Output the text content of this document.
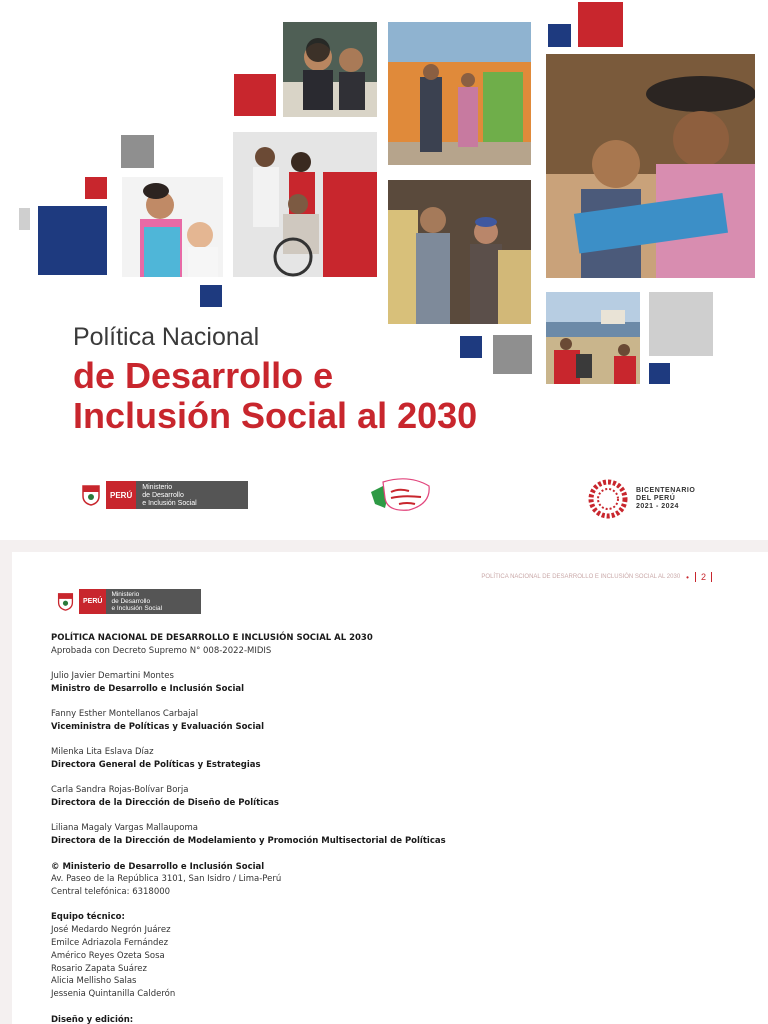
Política Nacional
de Desarrollo e
Inclusión Social al 2030
PERÚ
Ministerio
de Desarrollo
e Inclusión Social
BICENTENARIO
DEL PERÚ
2021 - 2024
POLÍTICA NACIONAL DE DESARROLLO E INCLUSIÓN SOCIAL AL 2030 •	2
PERÚ
Ministerio
de Desarrollo
e Inclusión Social
POLÍTICA NACIONAL DE DESARROLLO E INCLUSIÓN SOCIAL AL 2030
Aprobada con Decreto Supremo N° 008-2022-MIDIS
Julio Javier Demartini Montes
Ministro de Desarrollo e Inclusión Social
Fanny Esther Montellanos Carbajal
Viceministra de Políticas y Evaluación Social
Milenka Lita Eslava Díaz
Directora General de Políticas y Estrategias
Carla Sandra Rojas-Bolívar Borja
Directora de la Dirección de Diseño de Políticas
Liliana Magaly Vargas Mallaupoma
Directora de la Dirección de Modelamiento y Promoción Multisectorial de Políticas
© Ministerio de Desarrollo e Inclusión Social
Av. Paseo de la República 3101, San Isidro / Lima-Perú
Central telefónica: 6318000
Equipo técnico:
José Medardo Negrón Juárez
Emilce Adriazola Fernández
Américo Reyes Ozeta Sosa
Rosario Zapata Suárez
Alicia Mellisho Salas
Jessenia Quintanilla Calderón
Diseño y edición:
